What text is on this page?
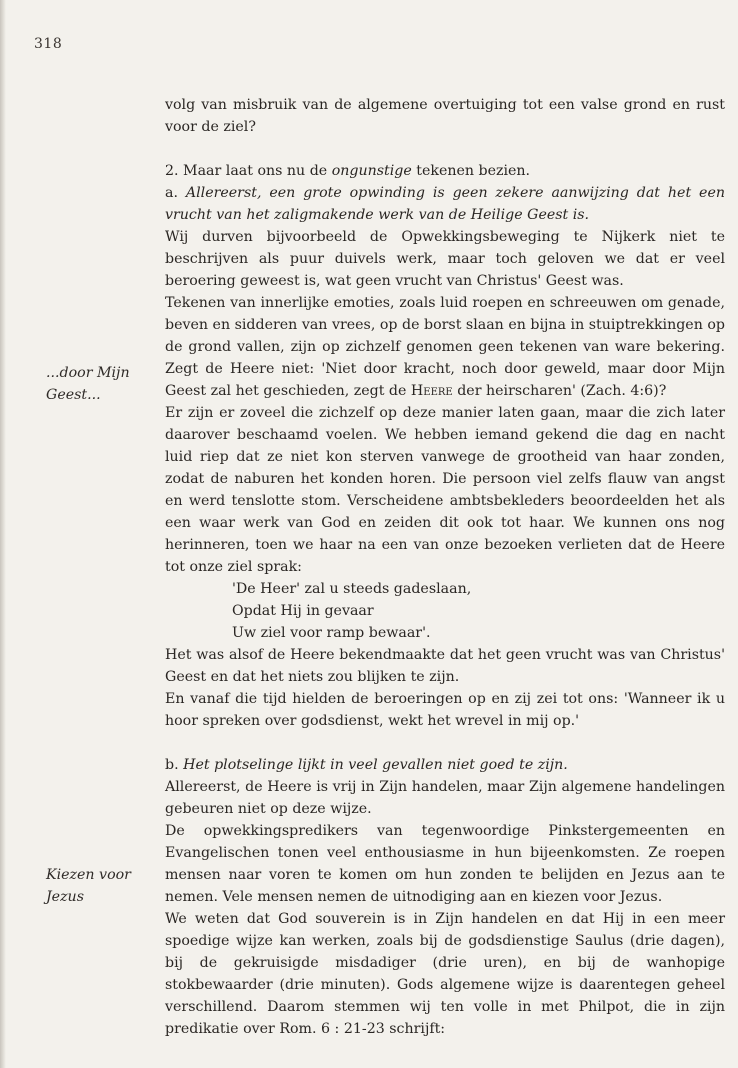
318
...door Mijn
Geest...
Kiezen voor
Jezus

volg van misbruik van de algemene overtuiging tot een valse grond en rust voor de ziel?

2. Maar laat ons nu de ongunstige tekenen bezien.

a. Allereerst, een grote opwinding is geen zekere aanwijzing dat het een vrucht van het zaligmakende werk van de Heilige Geest is.

Wij durven bijvoorbeeld de Opwekkingsbeweging te Nijkerk niet te beschrijven als puur duivels werk, maar toch geloven we dat er veel beroering geweest is, wat geen vrucht van Christus' Geest was.

Tekenen van innerlijke emoties, zoals luid roepen en schreeuwen om genade, beven en sidderen van vrees, op de borst slaan en bijna in stuiptrekkingen op de grond vallen, zijn op zichzelf genomen geen tekenen van ware bekering. Zegt de Heere niet: 'Niet door kracht, noch door geweld, maar door Mijn Geest zal het geschieden, zegt de Heere der heirscharen' (Zach. 4:6)?

Er zijn er zoveel die zichzelf op deze manier laten gaan, maar die zich later daarover beschaamd voelen. We hebben iemand gekend die dag en nacht luid riep dat ze niet kon sterven vanwege de grootheid van haar zonden, zodat de naburen het konden horen. Die persoon viel zelfs flauw van angst en werd tenslotte stom. Verscheidene ambtsbekleders beoordeelden het als een waar werk van God en zeiden dit ook tot haar. We kunnen ons nog herinneren, toen we haar na een van onze bezoeken verlieten dat de Heere tot onze ziel sprak:

'De Heer' zal u steeds gadeslaan,

Opdat Hij in gevaar

Uw ziel voor ramp bewaar'.

Het was alsof de Heere bekendmaakte dat het geen vrucht was van Christus' Geest en dat het niets zou blijken te zijn.

En vanaf die tijd hielden de beroeringen op en zij zei tot ons: 'Wanneer ik u hoor spreken over godsdienst, wekt het wrevel in mij op.'

b. Het plotselinge lijkt in veel gevallen niet goed te zijn.

Allereerst, de Heere is vrij in Zijn handelen, maar Zijn algemene handelingen gebeuren niet op deze wijze.

De opwekkingspredikers van tegenwoordige Pinkstergemeenten en Evangelischen tonen veel enthousiasme in hun bijeenkomsten. Ze roepen mensen naar voren te komen om hun zonden te belijden en Jezus aan te nemen. Vele mensen nemen de uitnodiging aan en kiezen voor Jezus.

We weten dat God souverein is in Zijn handelen en dat Hij in een meer spoedige wijze kan werken, zoals bij de godsdienstige Saulus (drie dagen), bij de gekruisigde misdadiger (drie uren), en bij de wanhopige stokbewaarder (drie minuten). Gods algemene wijze is daarentegen geheel verschillend. Daarom stemmen wij ten volle in met Philpot, die in zijn predikatie over Rom. 6 : 21-23 schrijft:
